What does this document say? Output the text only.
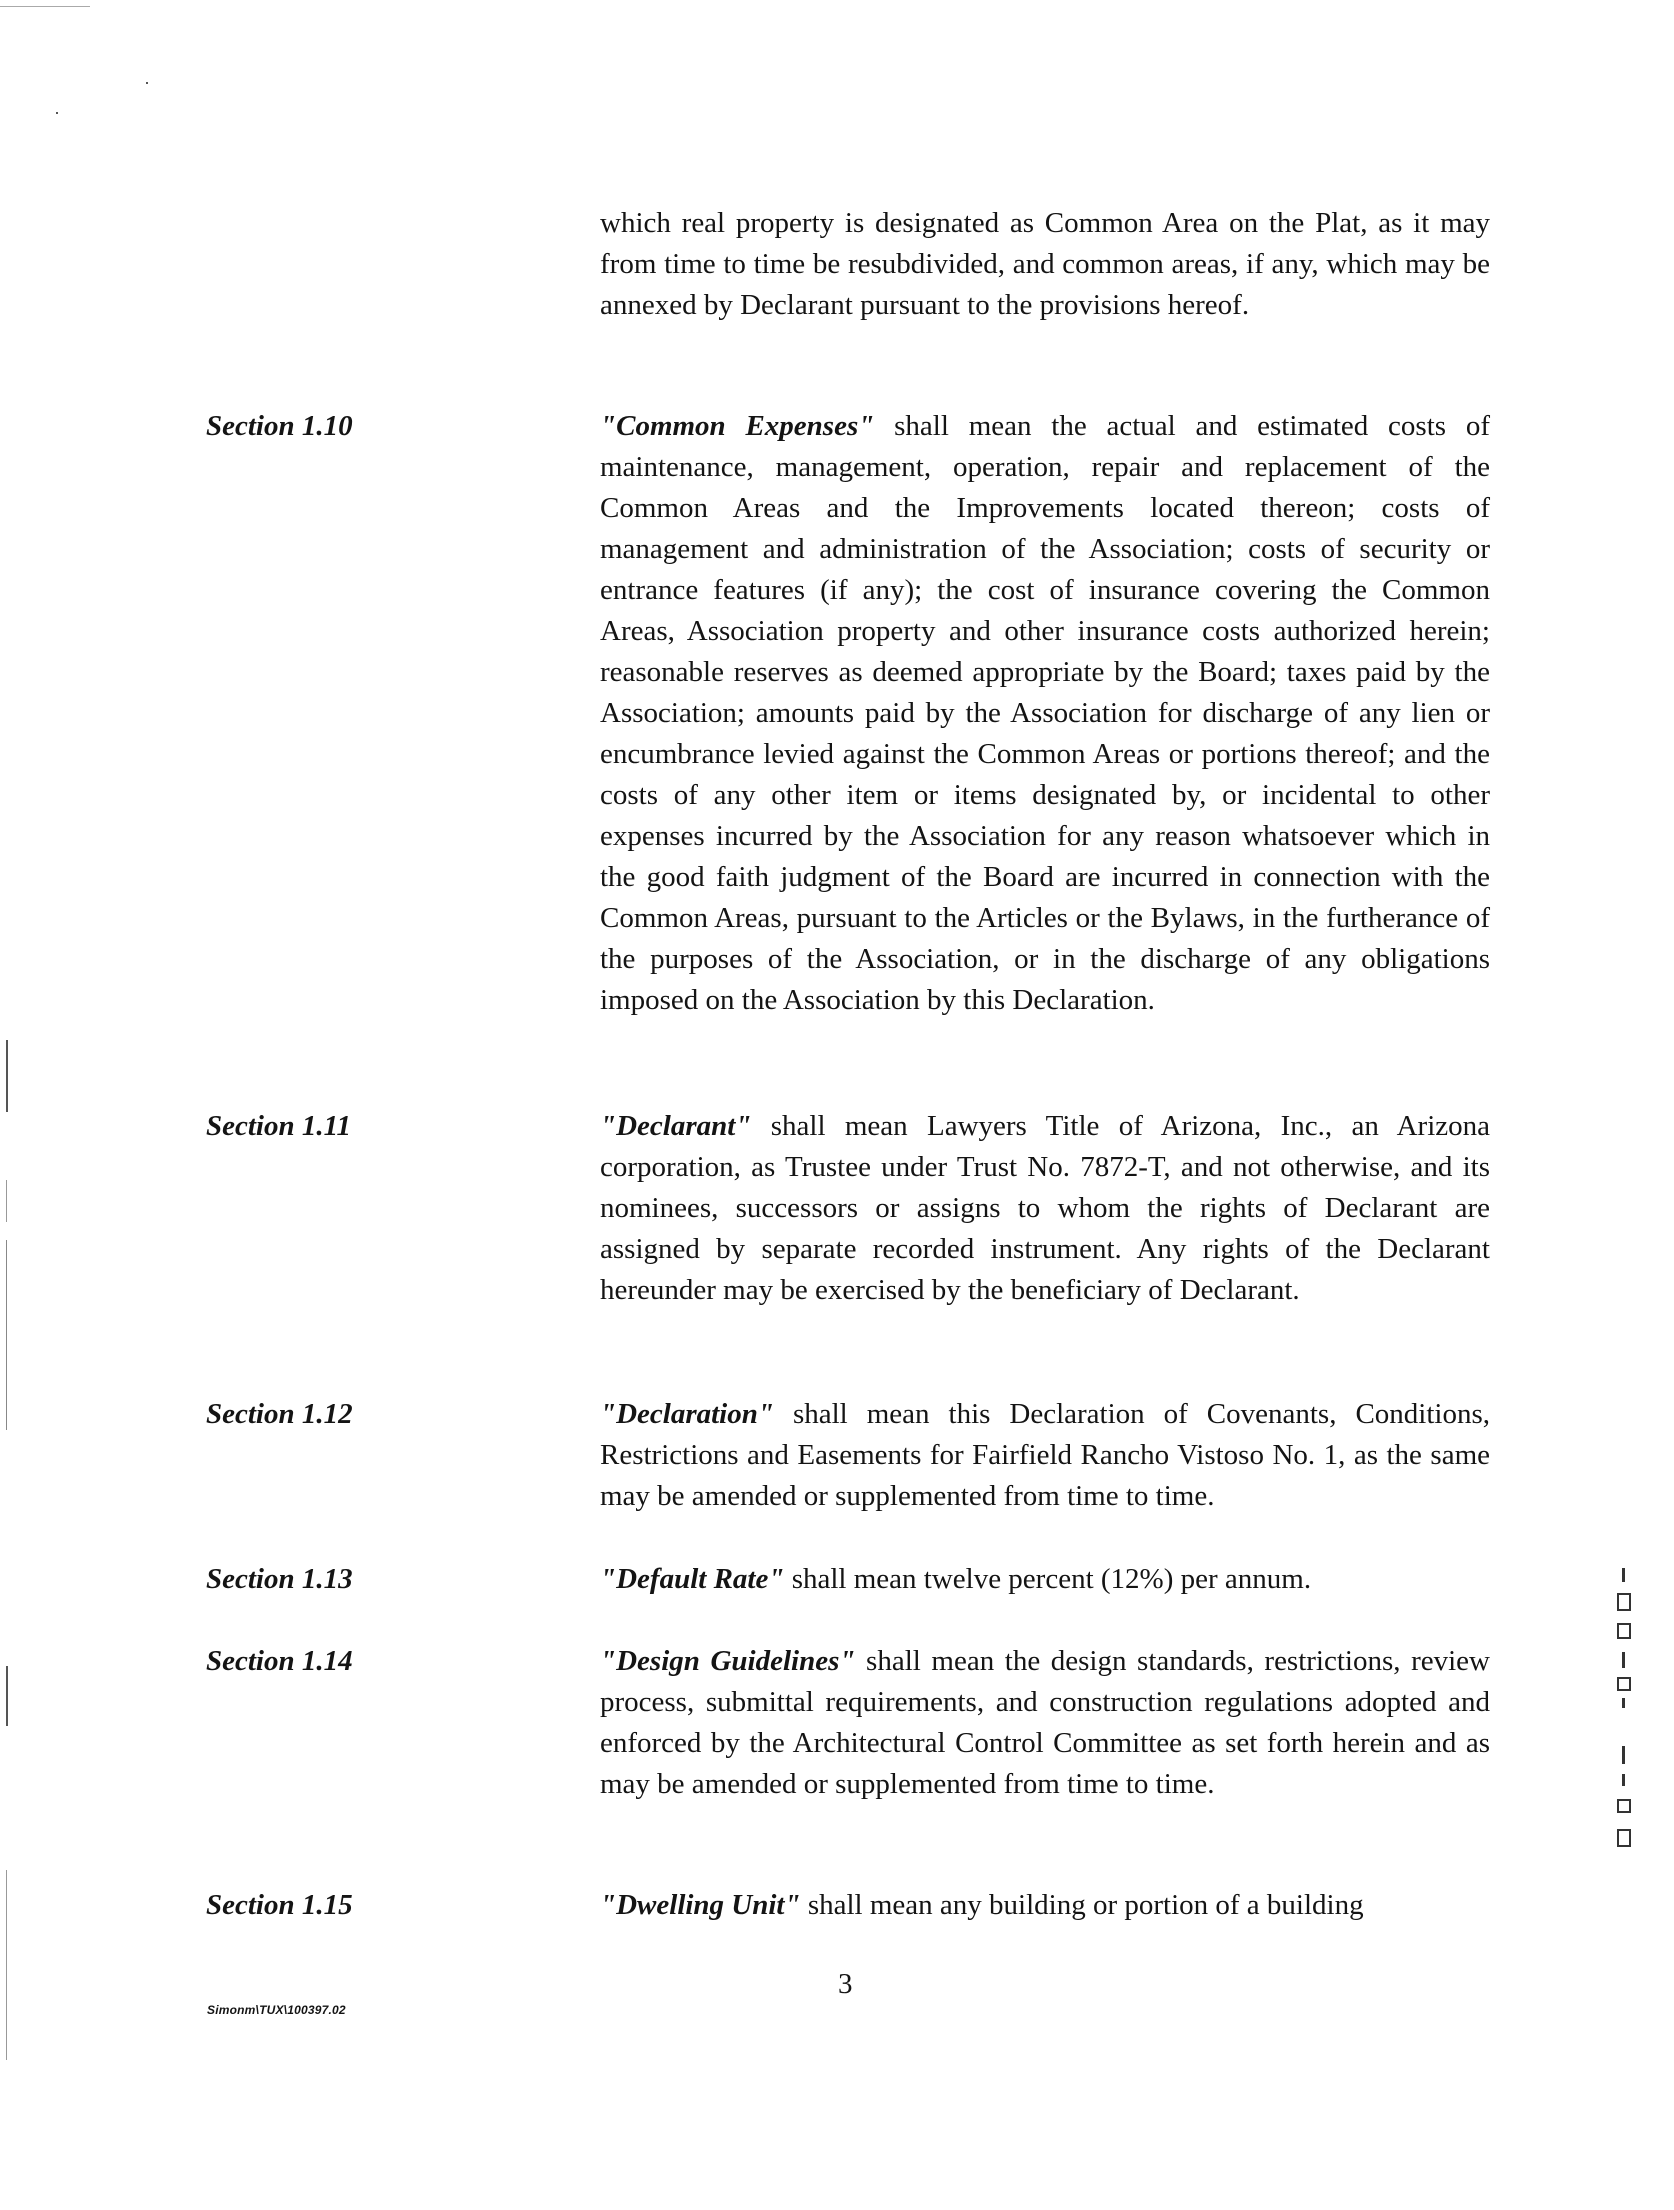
which real property is designated as Common Area on the Plat, as it may from time to time be resubdivided, and common areas, if any, which may be annexed by Declarant pursuant to the provisions hereof.
Section 1.10	"Common Expenses" shall mean the actual and estimated costs of maintenance, management, operation, repair and replacement of the Common Areas and the Improvements located thereon; costs of management and administration of the Association; costs of security or entrance features (if any); the cost of insurance covering the Common Areas, Association property and other insurance costs authorized herein; reasonable reserves as deemed appropriate by the Board; taxes paid by the Association; amounts paid by the Association for discharge of any lien or encumbrance levied against the Common Areas or portions thereof; and the costs of any other item or items designated by, or incidental to other expenses incurred by the Association for any reason whatsoever which in the good faith judgment of the Board are incurred in connection with the Common Areas, pursuant to the Articles or the Bylaws, in the furtherance of the purposes of the Association, or in the discharge of any obligations imposed on the Association by this Declaration.
Section 1.11	"Declarant" shall mean Lawyers Title of Arizona, Inc., an Arizona corporation, as Trustee under Trust No. 7872-T, and not otherwise, and its nominees, successors or assigns to whom the rights of Declarant are assigned by separate recorded instrument. Any rights of the Declarant hereunder may be exercised by the beneficiary of Declarant.
Section 1.12	"Declaration" shall mean this Declaration of Covenants, Conditions, Restrictions and Easements for Fairfield Rancho Vistoso No. 1, as the same may be amended or supplemented from time to time.
Section 1.13	"Default Rate" shall mean twelve percent (12%) per annum.
Section 1.14	"Design Guidelines" shall mean the design standards, restrictions, review process, submittal requirements, and construction regulations adopted and enforced by the Architectural Control Committee as set forth herein and as may be amended or supplemented from time to time.
Section 1.15	"Dwelling Unit" shall mean any building or portion of a building
Simonm\TUX\100397.02
3
